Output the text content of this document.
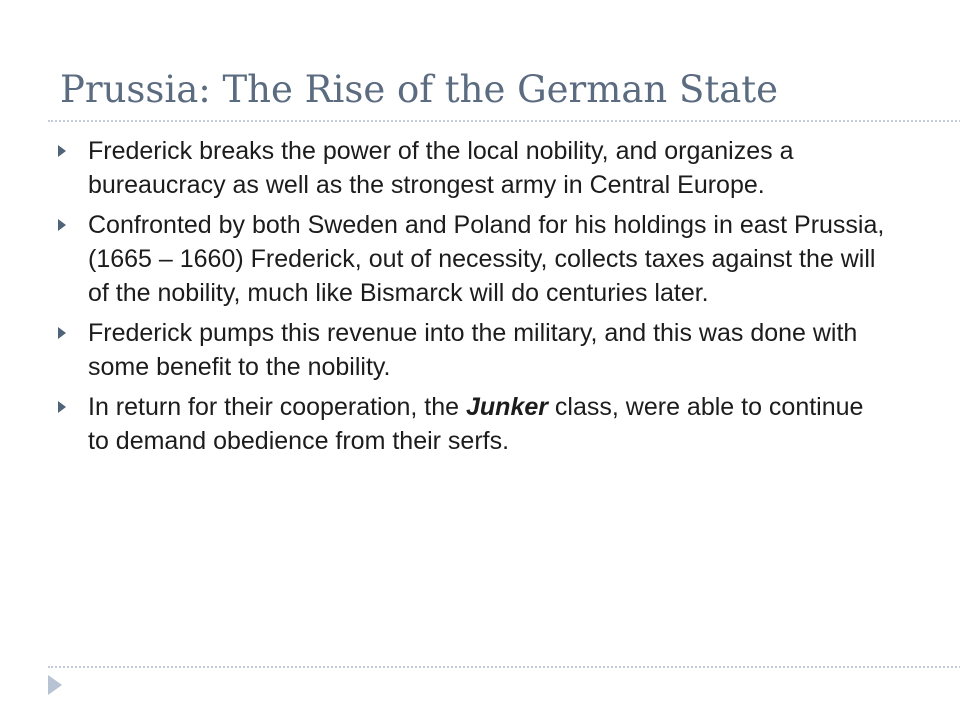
Prussia: The Rise of the German State
Frederick breaks the power of the local nobility, and organizes a bureaucracy as well as the strongest army in Central Europe.
Confronted by both Sweden and Poland for his holdings in east Prussia, (1665 – 1660) Frederick, out of necessity, collects taxes against the will of the nobility, much like Bismarck will do centuries later.
Frederick pumps this revenue into the military, and this was done with some benefit to the nobility.
In return for their cooperation, the Junker class, were able to continue to demand obedience from their serfs.
